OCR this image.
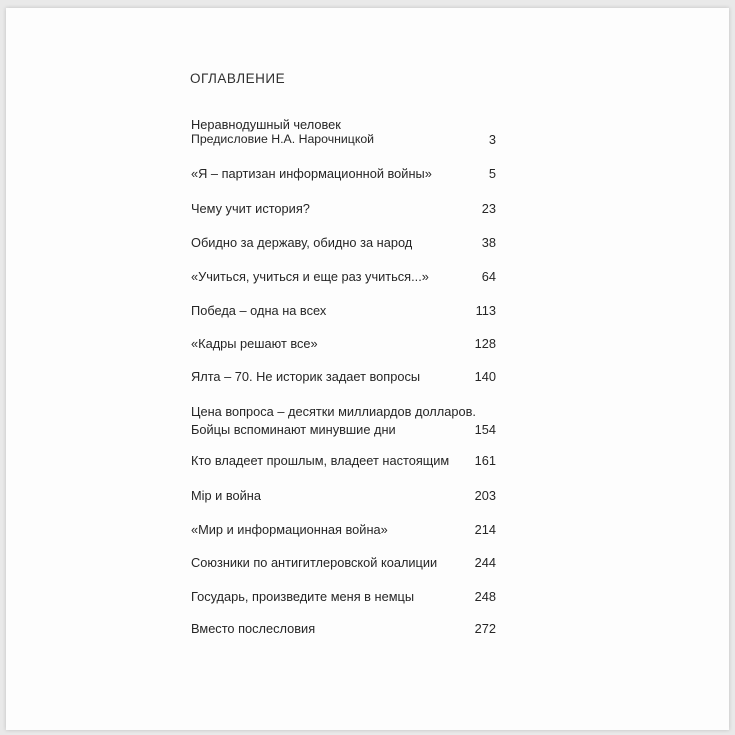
ОГЛАВЛЕНИЕ
Неравнодушный человек
Предисловие Н.А. Нарочницкой	3
«Я – партизан информационной войны»	5
Чему учит история?	23
Обидно за державу, обидно за народ	38
«Учиться, учиться и еще раз учиться...»	64
Победа – одна на всех	113
«Кадры решают все»	128
Ялта – 70. Не историк задает вопросы	140
Цена вопроса – десятки миллиардов долларов.
Бойцы вспоминают минувшие дни	154
Кто владеет прошлым, владеет настоящим 161
Мiр и война	203
«Мир и информационная война»	214
Союзники по антигитлеровской коалиции	244
Государь, произведите меня в немцы	248
Вместо послесловия	272
